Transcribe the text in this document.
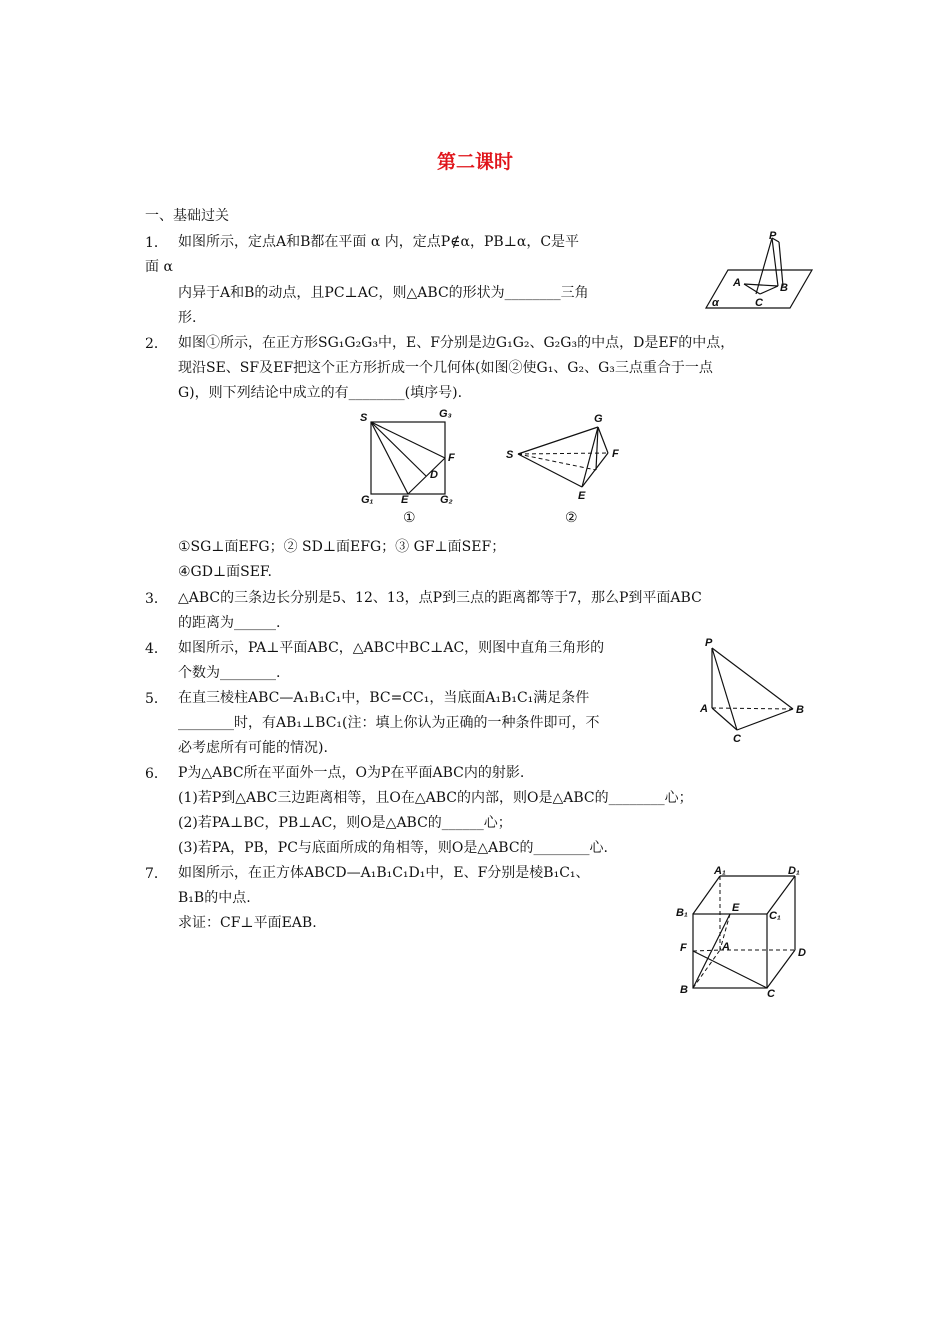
第二课时
一、基础过关
1． 如图所示，定点A和B都在平面 α 内，定点P∉α，PB⊥α，C是平
面 α
内异于A和B的动点，且PC⊥AC，则△ABC的形状为________三角
形.
P
A	B
C
α
2． 如图①所示，在正方形SG₁G₂G₃中，E、F分别是边G₁G₂、G₂G₃的中点，D是EF的中点，
现沿SE、SF及EF把这个正方形折成一个几何体(如图②使G₁、G₂、G₃三点重合于一点
G)，则下列结论中成立的有________(填序号).
S	G₃
F
D
G₁	E	G₂
①
G
S	F
E
②
①SG⊥面EFG；② SD⊥面EFG；③ GF⊥面SEF；
④GD⊥面SEF.
3． △ABC的三条边长分别是5、12、13，点P到三点的距离都等于7，那么P到平面ABC
的距离为______.
4． 如图所示，PA⊥平面ABC，△ABC中BC⊥AC，则图中直角三角形的
个数为________.
P
A	B
C
5． 在直三棱柱ABC—A₁B₁C₁中，BC=CC₁，当底面A₁B₁C₁满足条件
________时，有AB₁⊥BC₁(注：填上你认为正确的一种条件即可，不
必考虑所有可能的情况).
6． P为△ABC所在平面外一点，O为P在平面ABC内的射影.
(1)若P到△ABC三边距离相等，且O在△ABC的内部，则O是△ABC的________心；
(2)若PA⊥BC，PB⊥AC，则O是△ABC的______心；
(3)若PA，PB，PC与底面所成的角相等，则O是△ABC的________心.
7． 如图所示，在正方体ABCD—A₁B₁C₁D₁中，E、F分别是棱B₁C₁、
B₁B的中点.
求证：CF⊥平面EAB.
A₁	D₁
B₁	E
C₁
F	A	D
B	C
